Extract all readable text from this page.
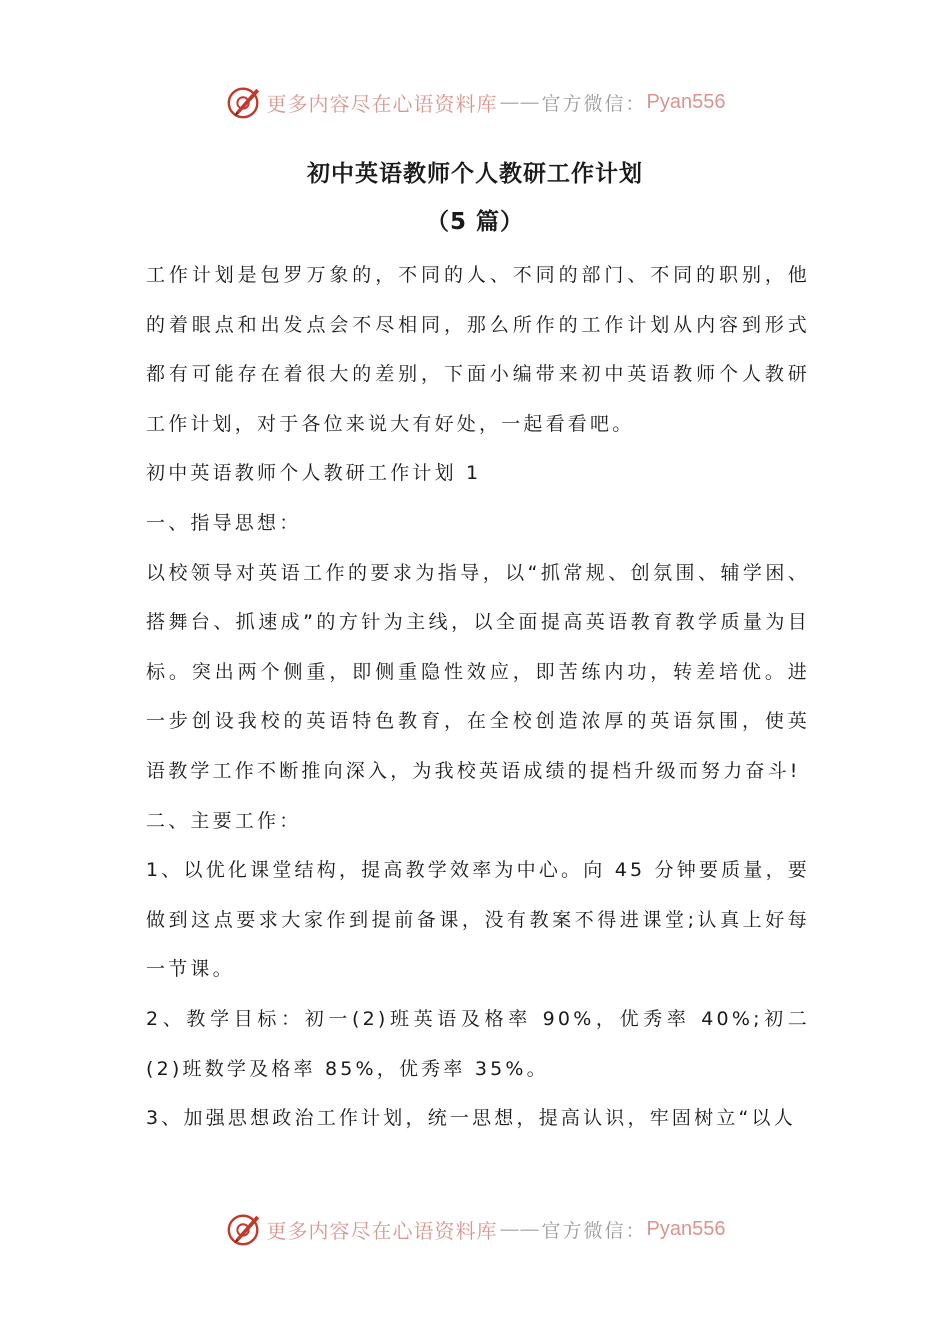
更多内容尽在心语资料库 —— 官方微信： Pyan556
初中英语教师个人教研工作计划
（5 篇）

工作计划是包罗万象的，不同的人、不同的部门、不同的职别，他的着眼点和出发点会不尽相同，那么所作的工作计划从内容到形式都有可能存在着很大的差别，下面小编带来初中英语教师个人教研工作计划，对于各位来说大有好处，一起看看吧。

初中英语教师个人教研工作计划 1

一、指导思想：

以校领导对英语工作的要求为指导，以“抓常规、创氛围、辅学困、搭舞台、抓速成”的方针为主线，以全面提高英语教育教学质量为目标。突出两个侧重，即侧重隐性效应，即苦练内功，转差培优。进一步创设我校的英语特色教育，在全校创造浓厚的英语氛围，使英语教学工作不断推向深入，为我校英语成绩的提档升级而努力奋斗!

二、主要工作：

1、以优化课堂结构，提高教学效率为中心。向 45 分钟要质量，要做到这点要求大家作到提前备课，没有教案不得进课堂;认真上好每一节课。

2、教学目标：初一(2)班英语及格率 90%，优秀率 40%;初二(2)班数学及格率 85%，优秀率 35%。

3、加强思想政治工作计划，统一思想，提高认识，牢固树立“以人

更多内容尽在心语资料库 —— 官方微信： Pyan556
